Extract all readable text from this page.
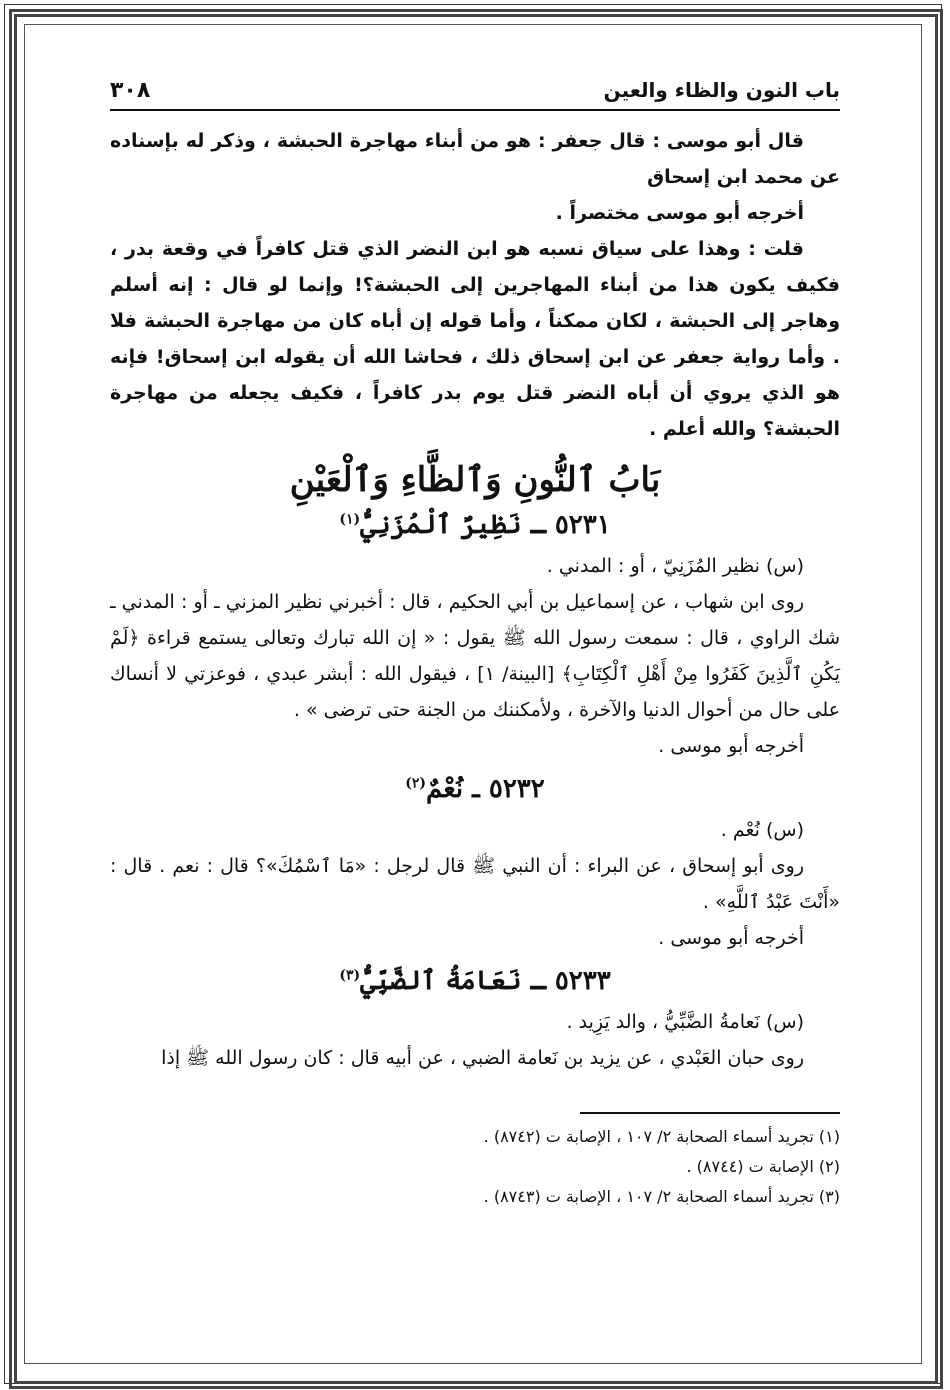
باب النون والظاء والعين
٣٠٨

قال أبو موسى : قال جعفر : هو من أبناء مهاجرة الحبشة ، وذكر له بإسناده عن محمد ابن إسحاق

أخرجه أبو موسى مختصراً .

قلت : وهذا على سياق نسبه هو ابن النضر الذي قتل كافراً في وقعة بدر ، فكيف يكون هذا من أبناء المهاجرين إلى الحبشة؟! وإنما لو قال : إنه أسلم وهاجر إلى الحبشة ، لكان ممكناً ، وأما قوله إن أباه كان من مهاجرة الحبشة فلا . وأما رواية جعفر عن ابن إسحاق ذلك ، فحاشا الله أن يقوله ابن إسحاق! فإنه هو الذي يروي أن أباه النضر قتل يوم بدر كافراً ، فكيف يجعله من مهاجرة الحبشة؟ والله أعلم .

بَابُ ٱلنُّونِ وَٱلظَّاءِ وَٱلْعَيْنِ
٥٢٣١ ـ نَظِيرٌ ٱلْمُزَنِيُّ$^{(١)}$

(س) نظير المُزَنِيّ ، أو : المدني .

روى ابن شهاب ، عن إسماعيل بن أبي الحكيم ، قال : أخبرني نظير المزني ـ أو : المدني ـ شك الراوي ، قال : سمعت رسول الله ﷺ يقول : « إن الله تبارك وتعالى يستمع قراءة ﴿لَمْ يَكُنِ ٱلَّذِينَ كَفَرُوا مِنْ أَهْلِ ٱلْكِتَابِ﴾ [البينة/ ١] ، فيقول الله : أبشر عبدي ، فوعزتي لا أنساك على حال من أحوال الدنيا والآخرة ، ولأمكننك من الجنة حتى ترضى » .

أخرجه أبو موسى .

٥٢٣٢ ـ نُعْمٌ$^{(٢)}$

(س) نُعْم .

روى أبو إسحاق ، عن البراء : أن النبي ﷺ قال لرجل : «مَا ٱسْمُكَ»؟ قال : نعم . قال : «أَنْتَ عَبْدُ ٱللَّهِ» .

أخرجه أبو موسى .

٥٢٣٣ ـ نَعَامَةُ ٱلضَّبِّيُّ$^{(٣)}$

(س) نَعامةُ الضَّبِّيُّ ، والد يَزِيد .

روى حبان العَبْدي ، عن يزيد بن نَعامة الضبي ، عن أبيه قال : كان رسول الله ﷺ إذا

(١) تجريد أسماء الصحابة ٢/ ١٠٧ ، الإصابة ت (٨٧٤٢) .

(٢) الإصابة ت (٨٧٤٤) .

(٣) تجريد أسماء الصحابة ٢/ ١٠٧ ، الإصابة ت (٨٧٤٣) .
